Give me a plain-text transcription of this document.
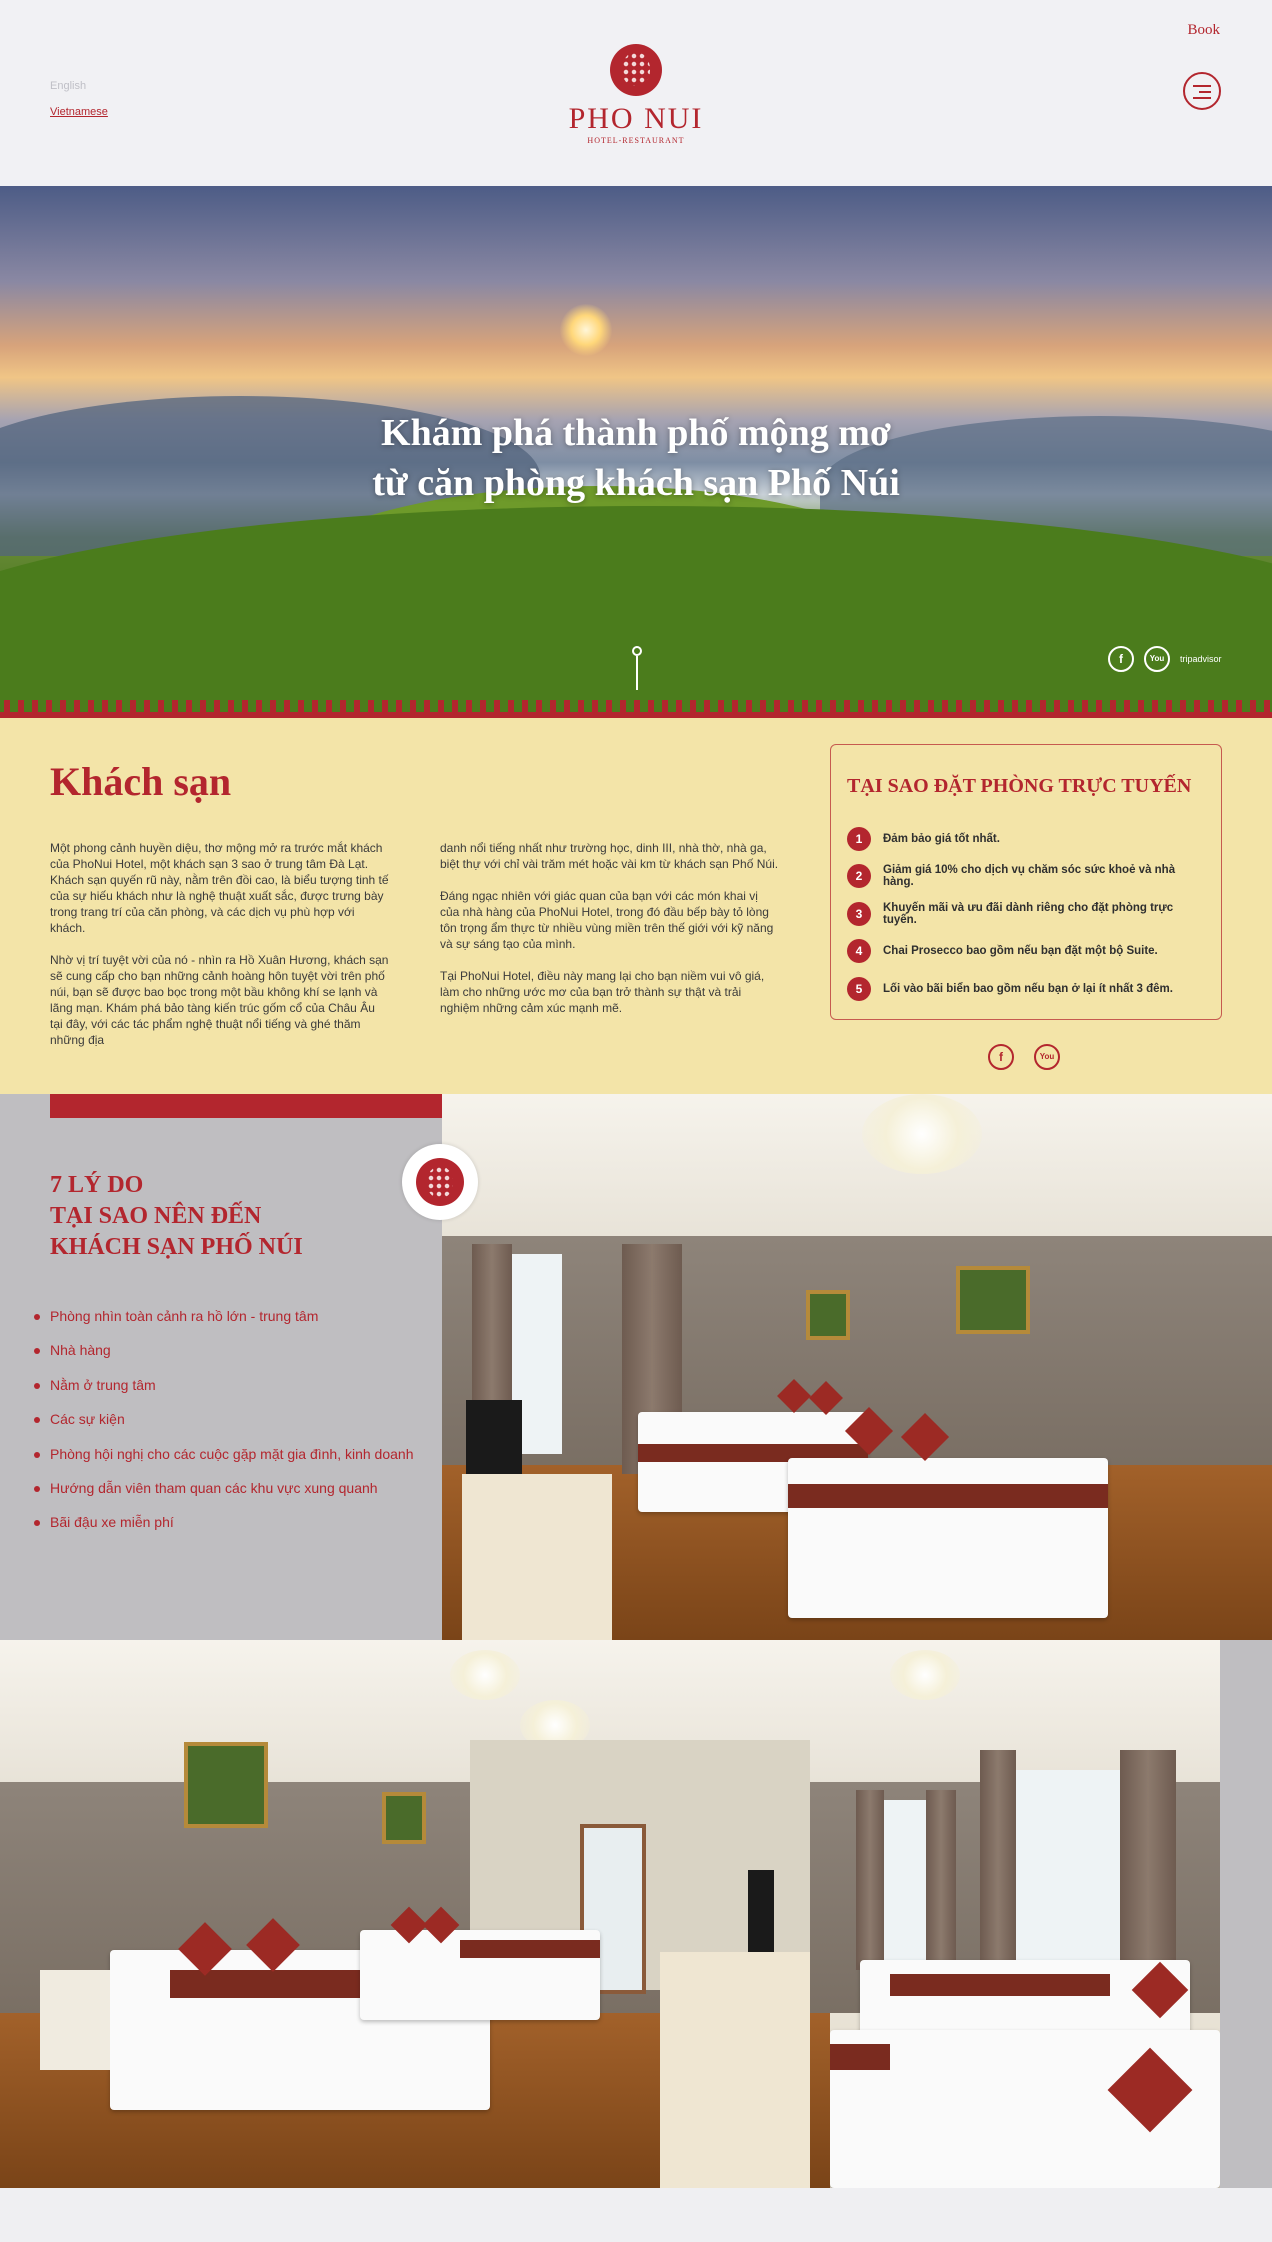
English
Vietnamese	PHO NUI
HOTEL-RESTAURANT
Book
Khám phá thành phố mộng mơ
từ căn phòng khách sạn Phố Núi
f	You	tripadvisor
Khách sạn

Một phong cảnh huyền diệu, thơ mộng mở ra trước mắt khách của PhoNui Hotel, một khách sạn 3 sao ở trung tâm Đà Lạt. Khách sạn quyến rũ này, nằm trên đồi cao, là biểu tượng tinh tế của sự hiếu khách như là nghệ thuật xuất sắc, được trưng bày trong trang trí của căn phòng, và các dịch vụ phù hợp với khách.

Nhờ vị trí tuyệt vời của nó - nhìn ra Hồ Xuân Hương, khách sạn sẽ cung cấp cho bạn những cảnh hoàng hôn tuyệt vời trên phố núi, bạn sẽ được bao bọc trong một bầu không khí se lạnh và lãng mạn. Khám phá bảo tàng kiến trúc gốm cổ của Châu Âu tại đây, với các tác phẩm nghệ thuật nổi tiếng và ghé thăm những địa

danh nổi tiếng nhất như trường học, dinh III, nhà thờ, nhà ga, biệt thự với chỉ vài trăm mét hoặc vài km từ khách sạn Phố Núi.

Đáng ngạc nhiên với giác quan của bạn với các món khai vị của nhà hàng của PhoNui Hotel, trong đó đầu bếp bày tỏ lòng tôn trọng ẩm thực từ nhiều vùng miền trên thế giới với kỹ năng và sự sáng tạo của mình.

Tại PhoNui Hotel, điều này mang lại cho bạn niềm vui vô giá, làm cho những ước mơ của bạn trở thành sự thật và trải nghiệm những cảm xúc mạnh mẽ.

TẠI SAO ĐẶT PHÒNG TRỰC TUYẾN
1	Đảm bảo giá tốt nhất.
2	Giảm giá 10% cho dịch vụ chăm sóc sức khoẻ và nhà hàng.
3	Khuyến mãi và ưu đãi dành riêng cho đặt phòng trực tuyến.
4	Chai Prosecco bao gồm nếu bạn đặt một bộ Suite.
5	Lối vào bãi biển bao gồm nếu bạn ở lại ít nhất 3 đêm.
f	You
7 LÝ DO
TẠI SAO NÊN ĐẾN
KHÁCH SẠN PHỐ NÚI
Phòng nhìn toàn cảnh ra hồ lớn - trung tâm
Nhà hàng
Nằm ở trung tâm
Các sự kiện
Phòng hội nghị cho các cuộc gặp mặt gia đình, kinh doanh
Hướng dẫn viên tham quan các khu vực xung quanh
Bãi đậu xe miễn phí
